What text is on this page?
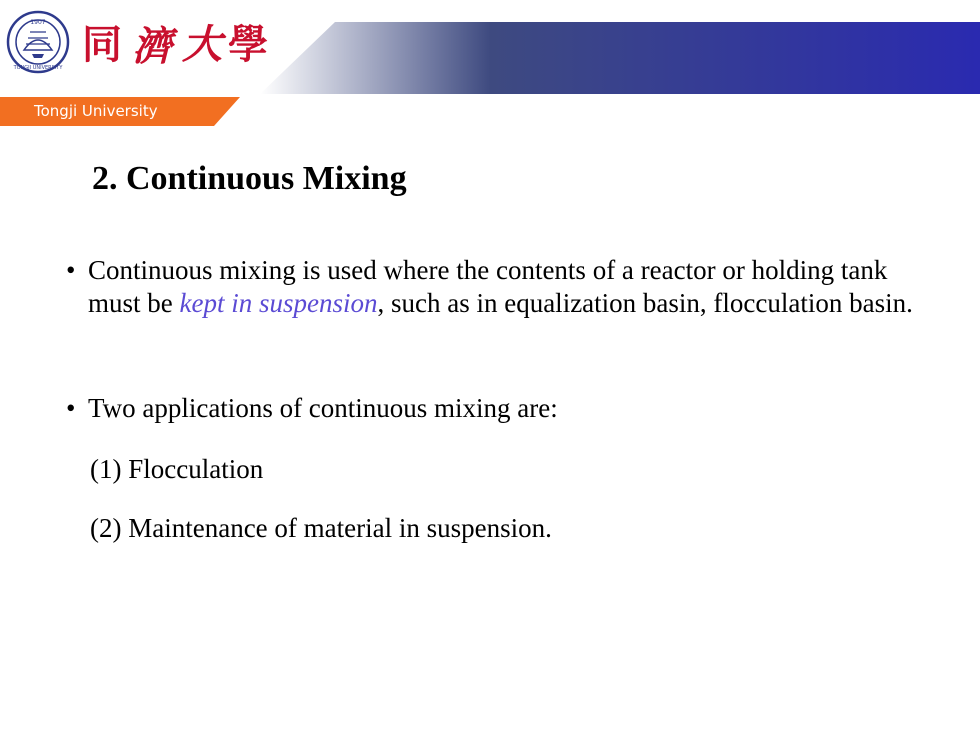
1907
TONGJI UNIVERSITY 同 濟 大 學
Tongji University
2. Continuous Mixing
• Continuous mixing is used where the contents of a reactor or holding tank must be kept in suspension, such as in equalization basin, flocculation basin.
• Two applications of continuous mixing are:
(1) Flocculation
(2) Maintenance of material in suspension.
